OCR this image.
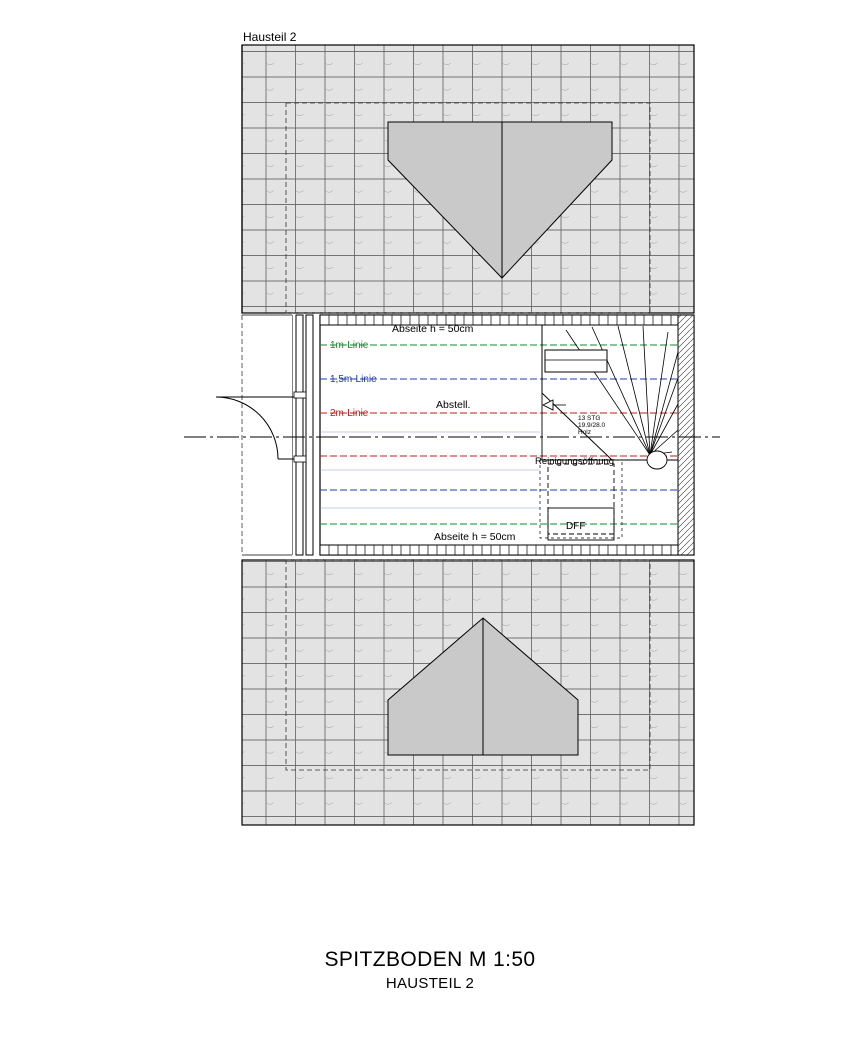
Hausteil 2
Abseite h = 50cm
Abseite h = 50cm
Abstell.
1m-Linie
1,5m-Linie
2m-Linie
Reinigungsöffnung
DFF
13 STG
19.9/28.0
Holz
SPITZBODEN M 1:50
HAUSTEIL 2
